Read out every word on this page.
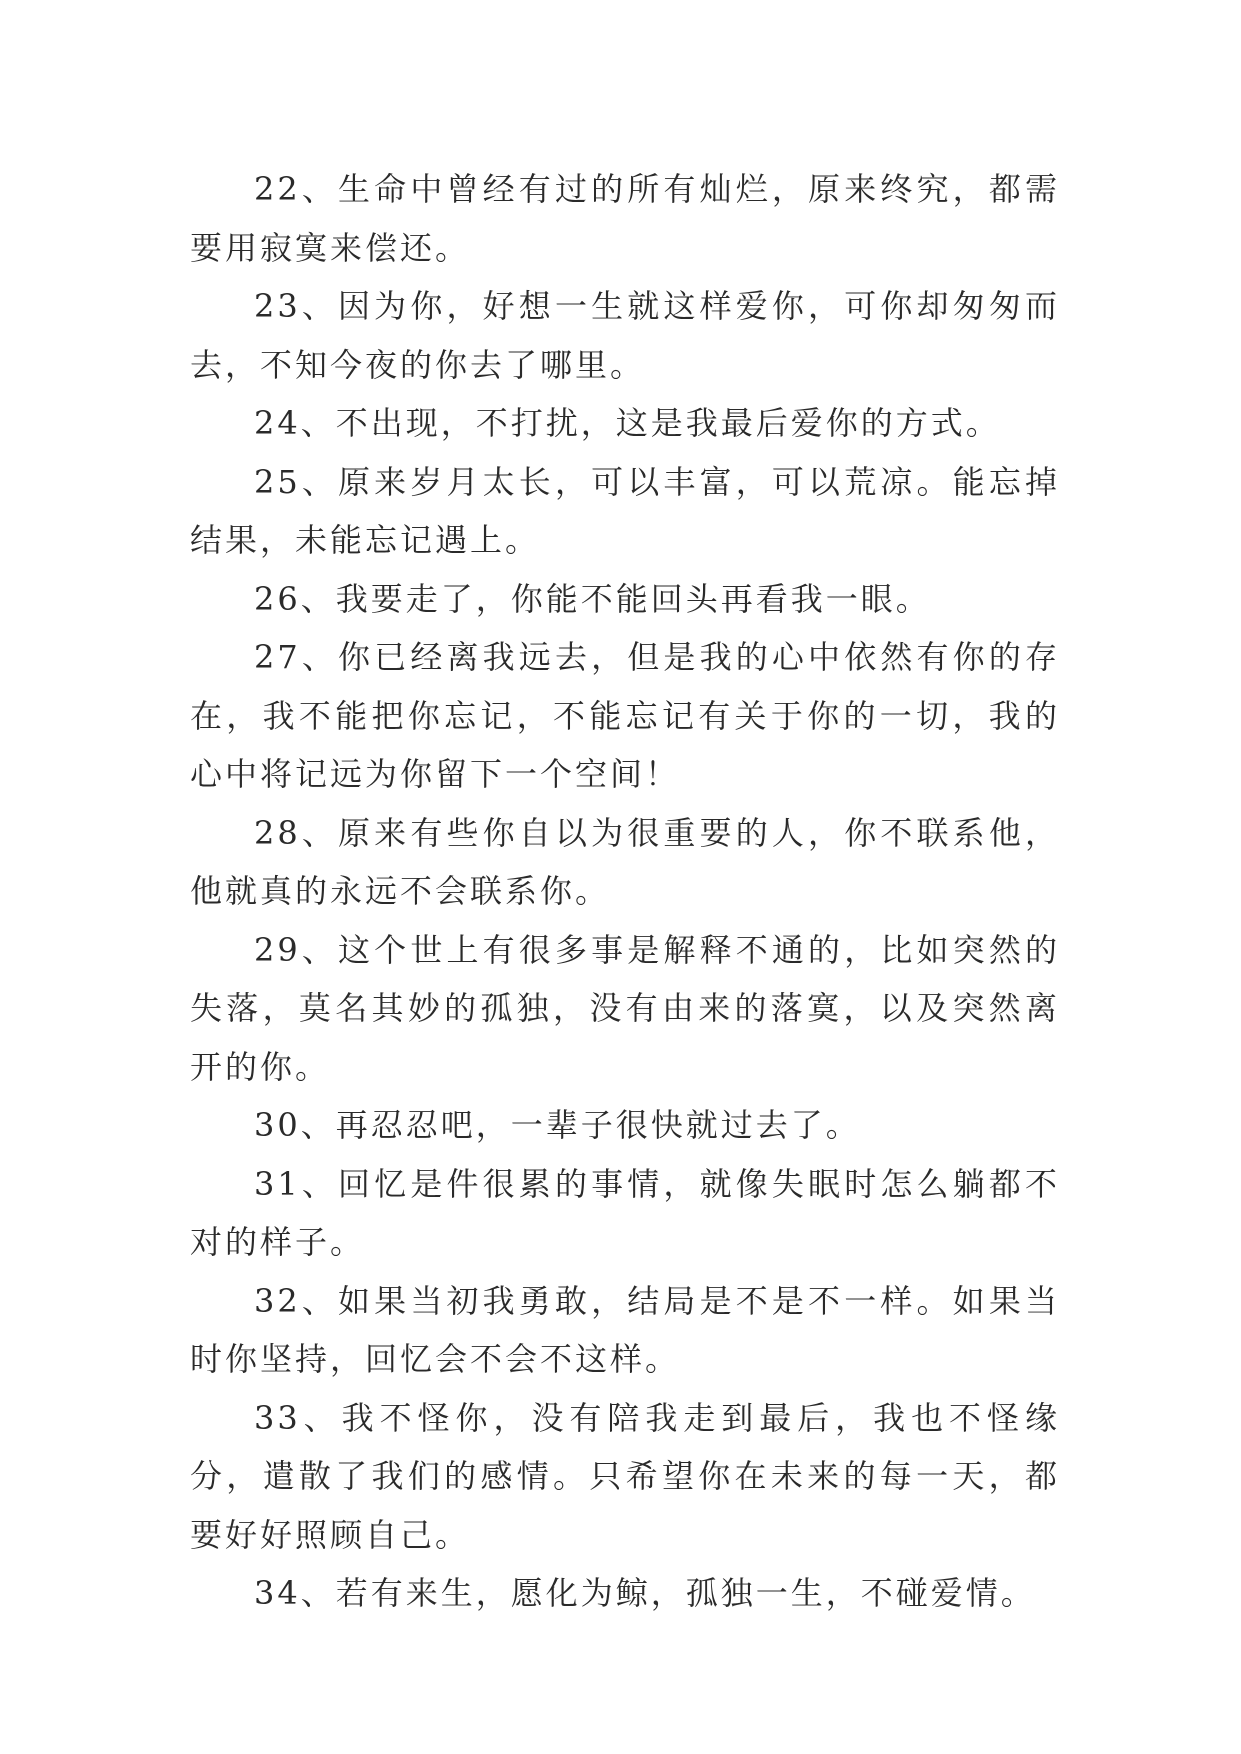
22、生命中曾经有过的所有灿烂，原来终究，都需要用寂寞来偿还。

23、因为你，好想一生就这样爱你，可你却匆匆而去，不知今夜的你去了哪里。

24、不出现，不打扰，这是我最后爱你的方式。

25、原来岁月太长，可以丰富，可以荒凉。能忘掉结果，未能忘记遇上。

26、我要走了，你能不能回头再看我一眼。

27、你已经离我远去，但是我的心中依然有你的存在，我不能把你忘记，不能忘记有关于你的一切，我的心中将记远为你留下一个空间！

28、原来有些你自以为很重要的人，你不联系他，他就真的永远不会联系你。

29、这个世上有很多事是解释不通的，比如突然的失落，莫名其妙的孤独，没有由来的落寞，以及突然离开的你。

30、再忍忍吧，一辈子很快就过去了。

31、回忆是件很累的事情，就像失眠时怎么躺都不对的样子。

32、如果当初我勇敢，结局是不是不一样。如果当时你坚持，回忆会不会不这样。

33、我不怪你，没有陪我走到最后，我也不怪缘分，遣散了我们的感情。只希望你在未来的每一天，都要好好照顾自己。

34、若有来生，愿化为鲸，孤独一生，不碰爱情。
